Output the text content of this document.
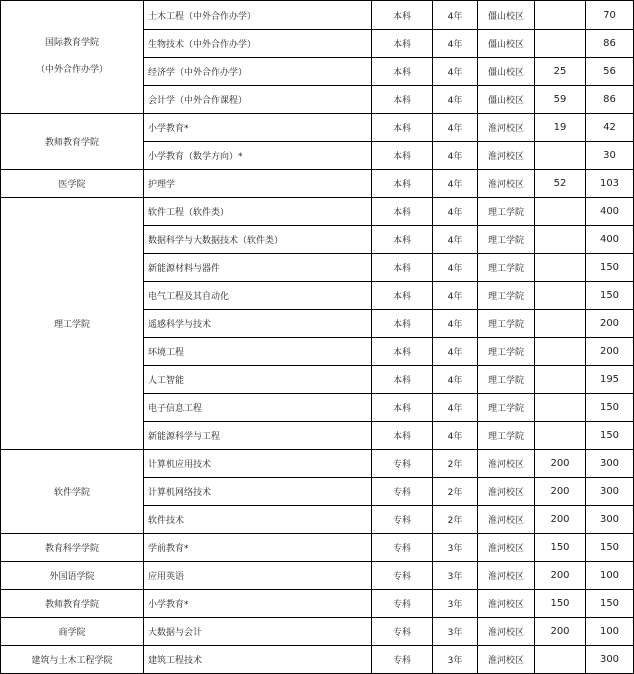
国际教育学院
（中外合作办学）	土木工程（中外合作办学）	本科	4年	僵山校区		70
	生物技术（中外合作办学）	本科	4年	僵山校区		86
	经济学（中外合作办学）	本科	4年	僵山校区	25	56
	会计学（中外合作课程）	本科	4年	僵山校区	59	86
教师教育学院	小学教育*	本科	4年	淮河校区	19	42
	小学教育（数学方向）*	本科	4年	淮河校区		30
医学院	护理学	本科	4年	淮河校区	52	103
理工学院	软件工程（软件类）	本科	4年	理工学院		400
	数据科学与大数据技术（软件类）	本科	4年	理工学院		400
	新能源材料与器件	本科	4年	理工学院		150
	电气工程及其自动化	本科	4年	理工学院		150
	遥感科学与技术	本科	4年	理工学院		200
	环境工程	本科	4年	理工学院		200
	人工智能	本科	4年	理工学院		195
	电子信息工程	本科	4年	理工学院		150
	新能源科学与工程	本科	4年	理工学院		150
软件学院	计算机应用技术	专科	2年	淮河校区	200	300
	计算机网络技术	专科	2年	淮河校区	200	300
	软件技术	专科	2年	淮河校区	200	300
教育科学学院	学前教育*	专科	3年	淮河校区	150	150
外国语学院	应用英语	专科	3年	淮河校区	200	100
教师教育学院	小学教育*	专科	3年	淮河校区	150	150
商学院	大数据与会计	专科	3年	淮河校区	200	100
建筑与土木工程学院	建筑工程技术	专科	3年	淮河校区		300
